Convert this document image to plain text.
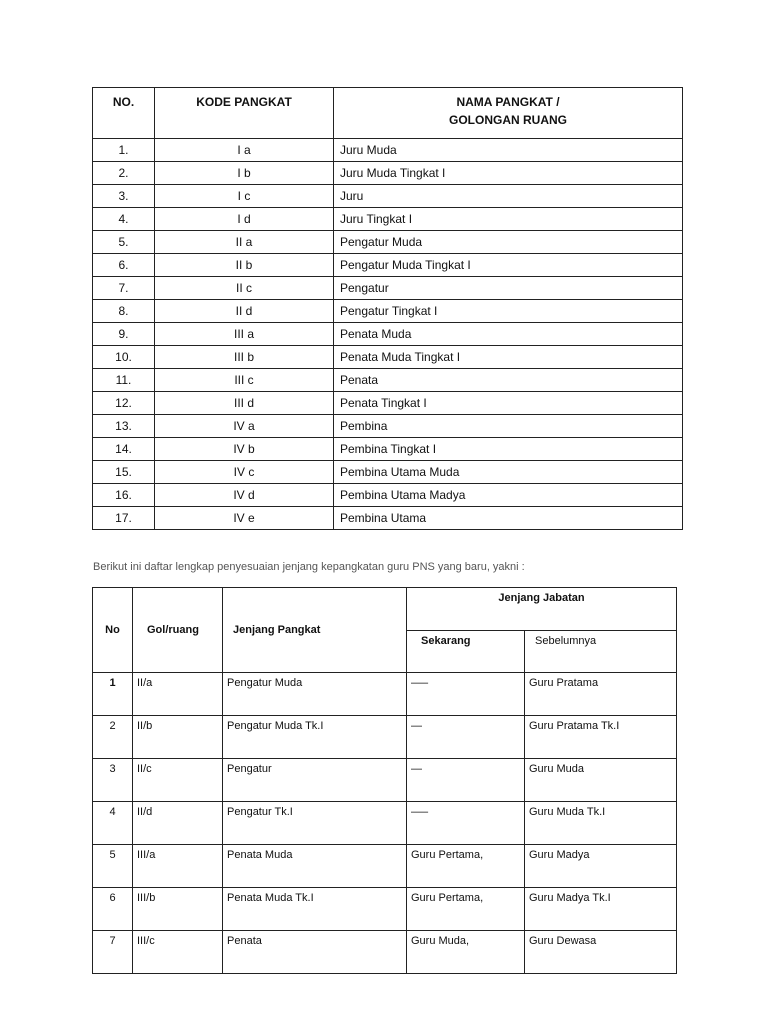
NO.	KODE PANGKAT	NAMA PANGKAT /
GOLONGAN RUANG
1.	I a	Juru Muda
2.	I b	Juru Muda Tingkat I
3.	I c	Juru
4.	I d	Juru Tingkat I
5.	II a	Pengatur Muda
6.	II b	Pengatur Muda Tingkat I
7.	II c	Pengatur
8.	II d	Pengatur Tingkat I
9.	III a	Penata Muda
10.	III b	Penata Muda Tingkat I
11.	III c	Penata
12.	III d	Penata Tingkat I
13.	IV a	Pembina
14.	IV b	Pembina Tingkat I
15.	IV c	Pembina Utama Muda
16.	IV d	Pembina Utama Madya
17.	IV e	Pembina Utama
Berikut ini daftar lengkap penyesuaian jenjang kepangkatan guru PNS yang baru, yakni :
No	Gol/ruang	Jenjang Pangkat	Jenjang Jabatan	
			Sekarang	Sebelumnya
1	II/a	Pengatur Muda	—–	Guru Pratama
2	II/b	Pengatur Muda Tk.I	—	Guru Pratama Tk.I
3	II/c	Pengatur	—	Guru Muda
4	II/d	Pengatur Tk.I	—–	Guru Muda Tk.I
5	III/a	Penata Muda	Guru Pertama,	Guru Madya
6	III/b	Penata Muda Tk.I	Guru Pertama,	Guru Madya Tk.I
7	III/c	Penata	Guru Muda,	Guru Dewasa
